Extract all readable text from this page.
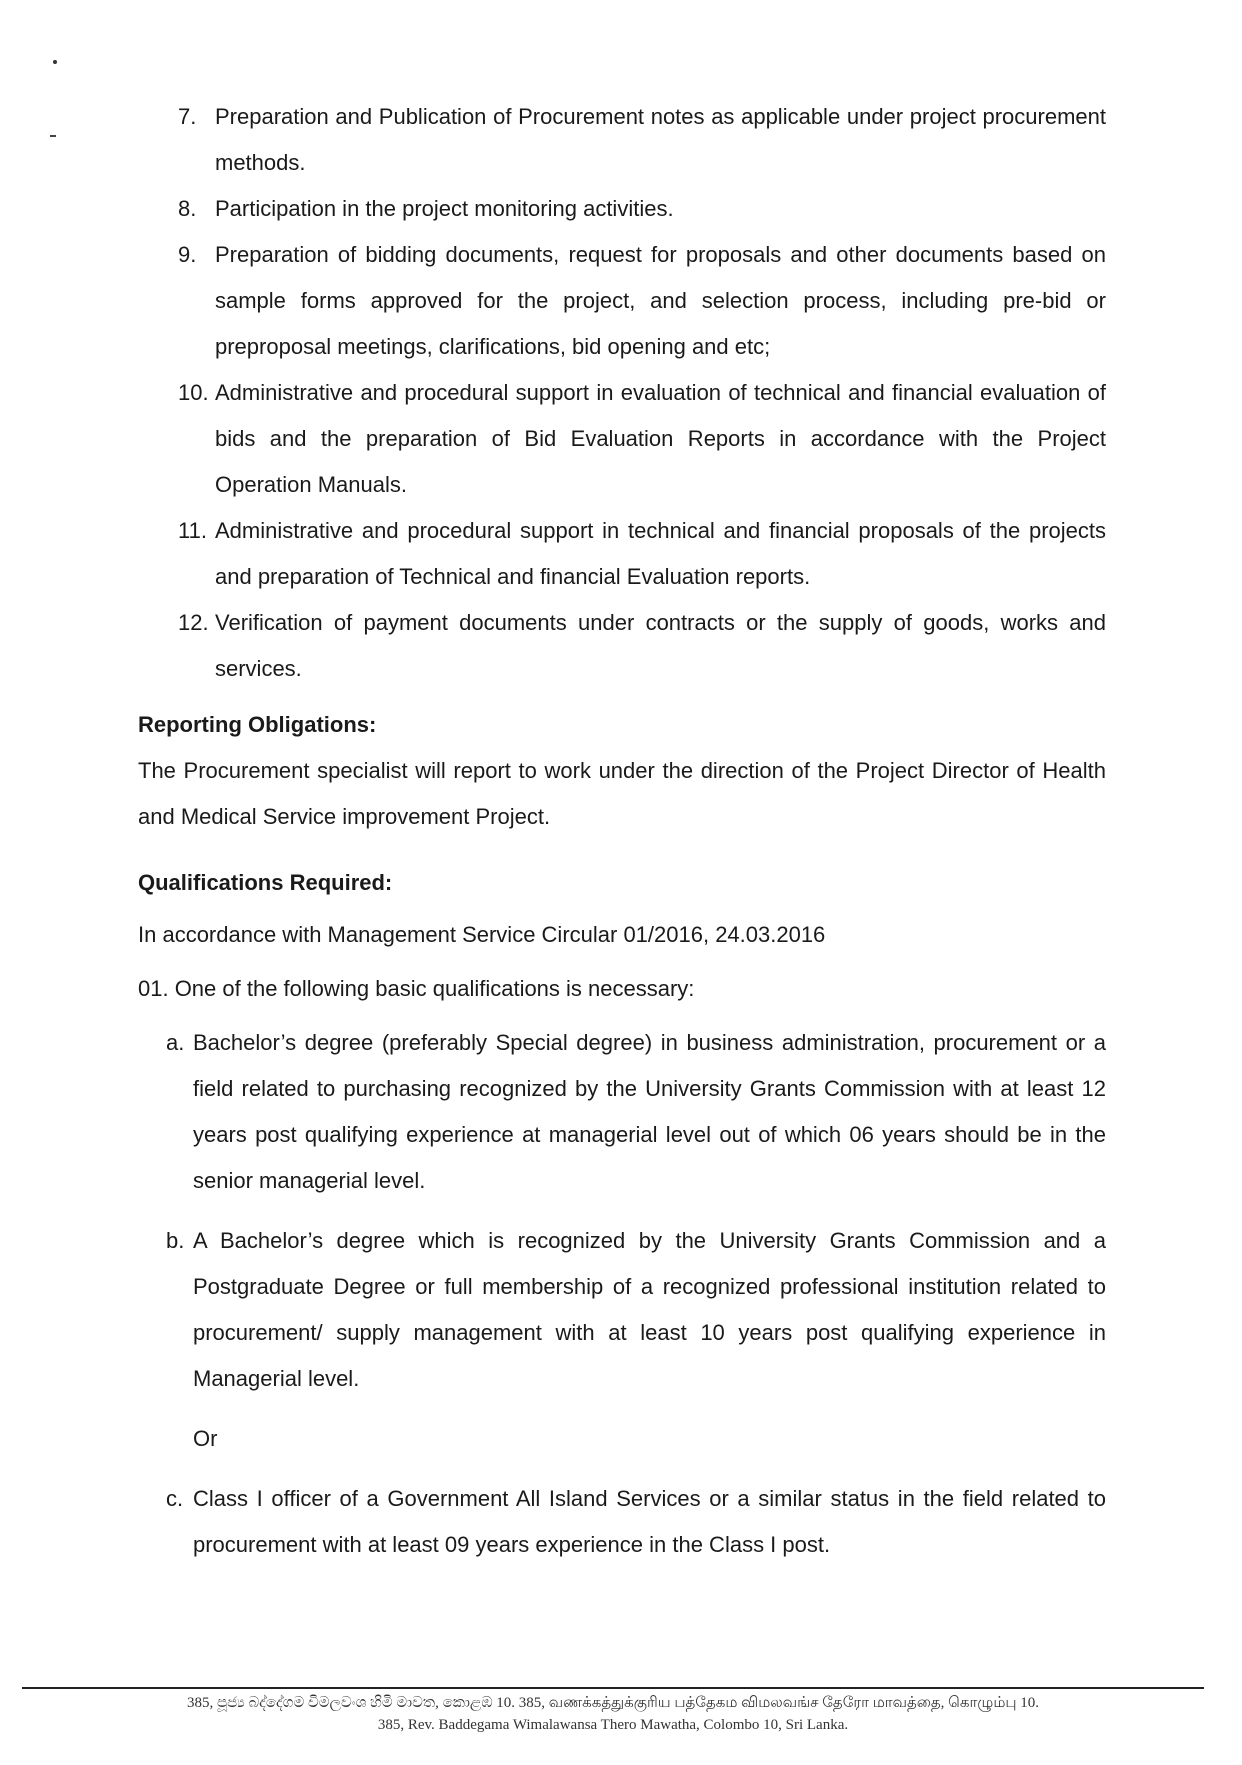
7. Preparation and Publication of Procurement notes as applicable under project procurement methods.
8. Participation in the project monitoring activities.
9. Preparation of bidding documents, request for proposals and other documents based on sample forms approved for the project, and selection process, including pre-bid or preproposal meetings, clarifications, bid opening and etc;
10. Administrative and procedural support in evaluation of technical and financial evaluation of bids and the preparation of Bid Evaluation Reports in accordance with the Project Operation Manuals.
11. Administrative and procedural support in technical and financial proposals of the projects and preparation of Technical and financial Evaluation reports.
12. Verification of payment documents under contracts or the supply of goods, works and services.
Reporting Obligations:
The Procurement specialist will report to work under the direction of the Project Director of Health and Medical Service improvement Project.
Qualifications Required:
In accordance with Management Service Circular 01/2016, 24.03.2016
01. One of the following basic qualifications is necessary:
a. Bachelor’s degree (preferably Special degree) in business administration, procurement or a field related to purchasing recognized by the University Grants Commission with at least 12 years post qualifying experience at managerial level out of which 06 years should be in the senior managerial level.
b. A Bachelor’s degree which is recognized by the University Grants Commission and a Postgraduate Degree or full membership of a recognized professional institution related to procurement/ supply management with at least 10 years post qualifying experience in Managerial level.
Or
c. Class I officer of a Government All Island Services or a similar status in the field related to procurement with at least 09 years experience in the Class I post.
385, පූජ්‍ය බද්දේගම විමලවංශ හිමි මාවත, කොළඹ 10. 385, வணக்கத்துக்குரிய பத்தேகம விமலவங்ச தேரோ மாவத்தை, கொழும்பு 10.
385, Rev. Baddegama Wimalawansa Thero Mawatha, Colombo 10, Sri Lanka.
